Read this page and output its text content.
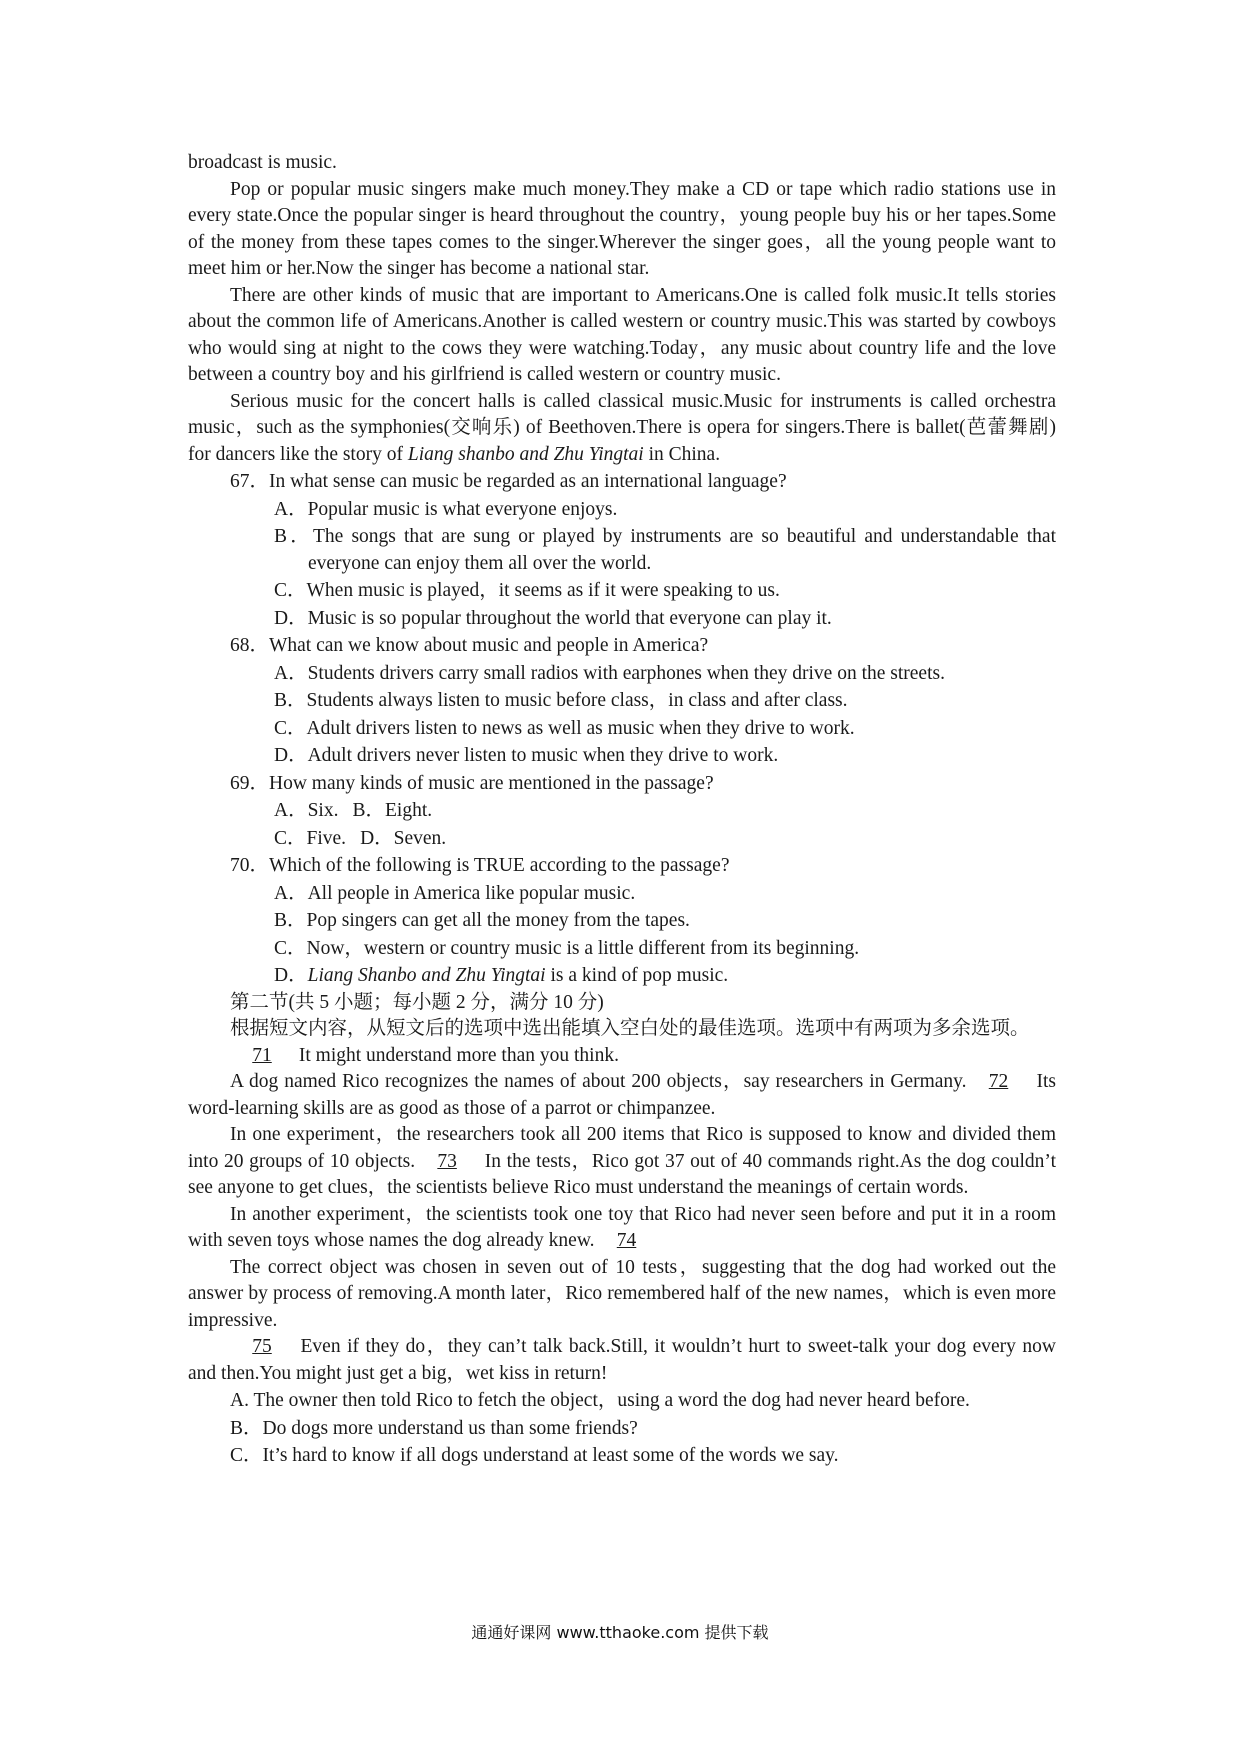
broadcast is music.

Pop or popular music singers make much money.They make a CD or tape which radio stations use in every state.Once the popular singer is heard throughout the country，young people buy his or her tapes.Some of the money from these tapes comes to the singer.Wherever the singer goes，all the young people want to meet him or her.Now the singer has become a national star.

There are other kinds of music that are important to Americans.One is called folk music.It tells stories about the common life of Americans.Another is called western or country music.This was started by cowboys who would sing at night to the cows they were watching.Today，any music about country life and the love between a country boy and his girlfriend is called western or country music.

Serious music for the concert halls is called classical music.Music for instruments is called orchestra music，such as the symphonies(交响乐) of Beethoven.There is opera for singers.There is ballet(芭蕾舞剧) for dancers like the story of Liang shanbo and Zhu Yingtai in China.

67．In what sense can music be regarded as an international language?

A．Popular music is what everyone enjoys.

B．The songs that are sung or played by instruments are so beautiful and understandable that everyone can enjoy them all over the world.

C．When music is played，it seems as if it were speaking to us.

D．Music is so popular throughout the world that everyone can play it.

68．What can we know about music and people in America?

A．Students drivers carry small radios with earphones when they drive on the streets.

B．Students always listen to music before class，in class and after class.

C．Adult drivers listen to news as well as music when they drive to work.

D．Adult drivers never listen to music when they drive to work.

69．How many kinds of music are mentioned in the passage?

A．Six. B．Eight.

C．Five. D．Seven.

70．Which of the following is TRUE according to the passage?

A．All people in America like popular music.

B．Pop singers can get all the money from the tapes.

C．Now，western or country music is a little different from its beginning.

D．Liang Shanbo and Zhu Yingtai is a kind of pop music.

第二节(共 5 小题；每小题 2 分，满分 10 分)

根据短文内容，从短文后的选项中选出能填入空白处的最佳选项。选项中有两项为多余选项。

71 It might understand more than you think.

A dog named Rico recognizes the names of about 200 objects，say researchers in Germany. 72 Its word-learning skills are as good as those of a parrot or chimpanzee.

In one experiment，the researchers took all 200 items that Rico is supposed to know and divided them into 20 groups of 10 objects. 73 In the tests，Rico got 37 out of 40 commands right.As the dog couldn’t see anyone to get clues，the scientists believe Rico must understand the meanings of certain words.

In another experiment，the scientists took one toy that Rico had never seen before and put it in a room with seven toys whose names the dog already knew. 74

The correct object was chosen in seven out of 10 tests，suggesting that the dog had worked out the answer by process of removing.A month later，Rico remembered half of the new names，which is even more impressive.

75 Even if they do，they can’t talk back.Still, it wouldn’t hurt to sweet-talk your dog every now and then.You might just get a big，wet kiss in return!

A. The owner then told Rico to fetch the object，using a word the dog had never heard before.

B．Do dogs more understand us than some friends?

C．It’s hard to know if all dogs understand at least some of the words we say.

通通好课网 www.tthaoke.com 提供下载
